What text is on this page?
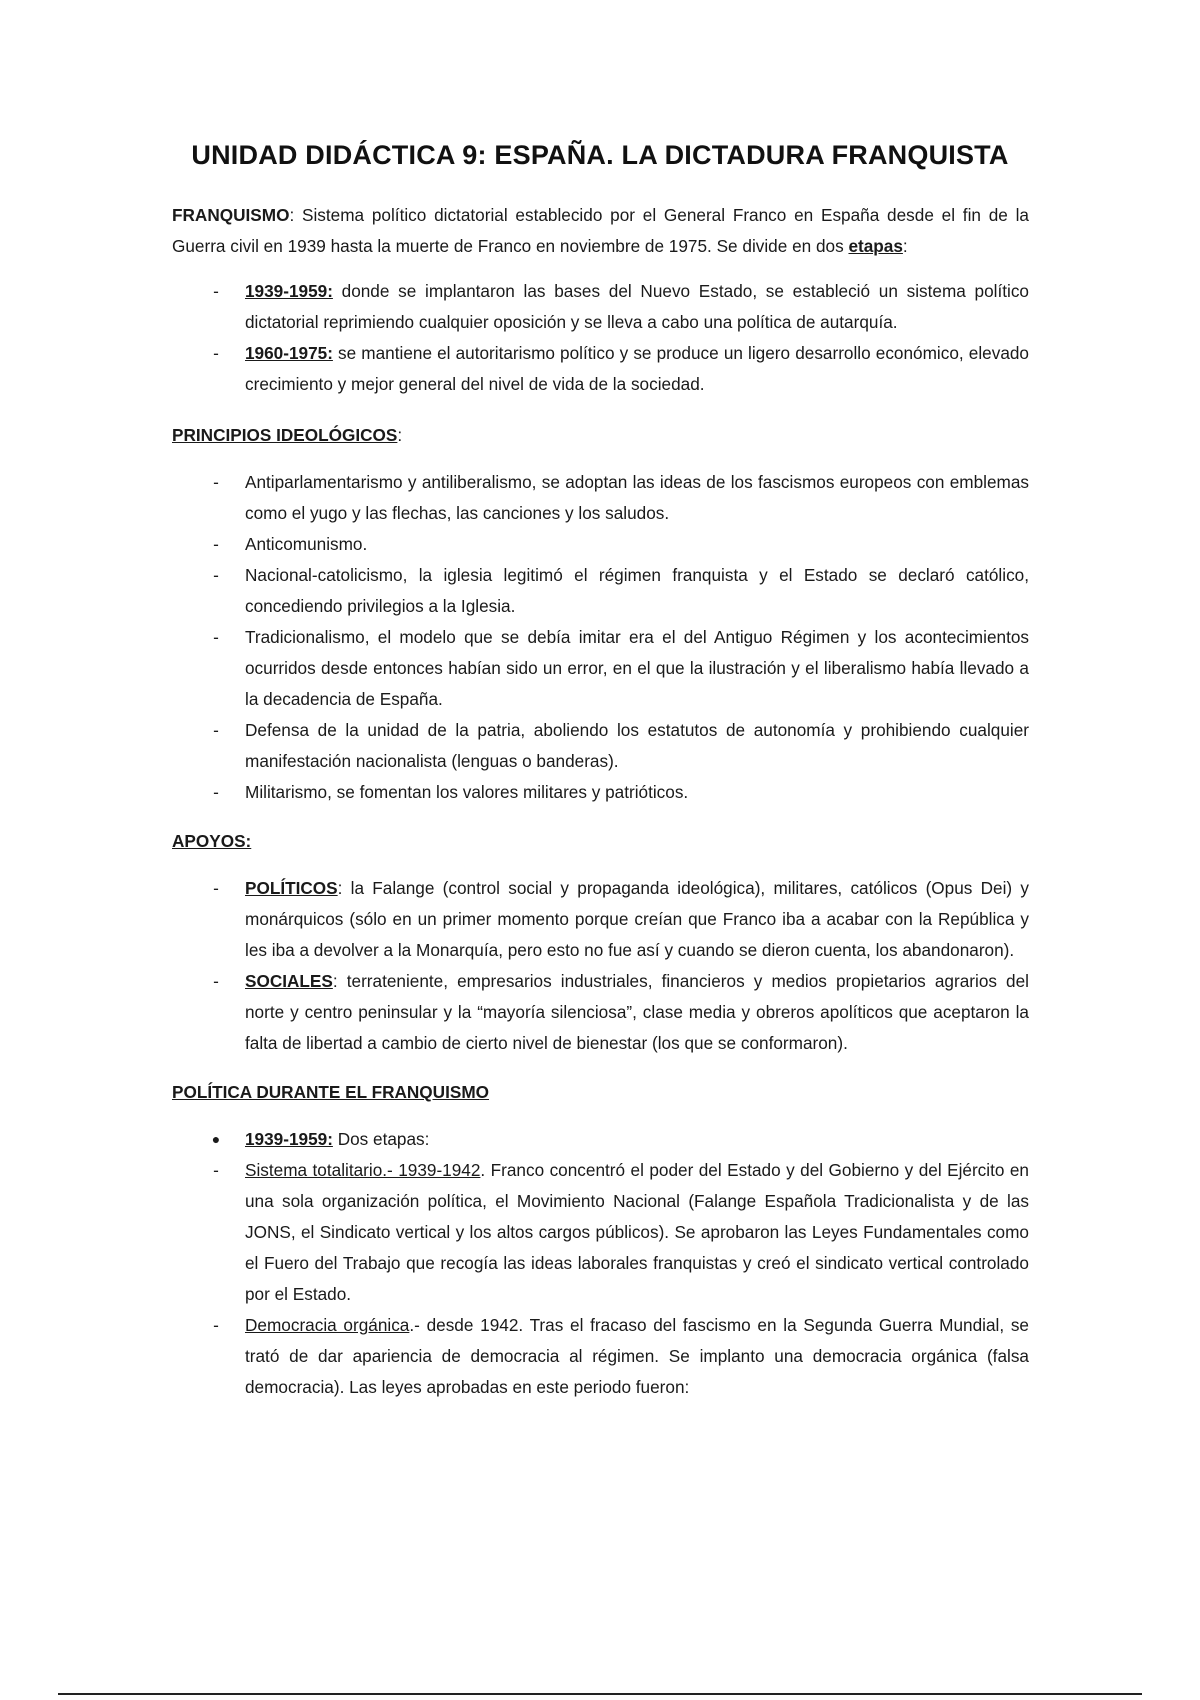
UNIDAD DIDÁCTICA 9: ESPAÑA. LA DICTADURA FRANQUISTA

FRANQUISMO: Sistema político dictatorial establecido por el General Franco en España desde el fin de la Guerra civil en 1939 hasta la muerte de Franco en noviembre de 1975. Se divide en dos etapas:

- 1939-1959: donde se implantaron las bases del Nuevo Estado, se estableció un sistema político dictatorial reprimiendo cualquier oposición y se lleva a cabo una política de autarquía.
- 1960-1975: se mantiene el autoritarismo político y se produce un ligero desarrollo económico, elevado crecimiento y mejor general del nivel de vida de la sociedad.
PRINCIPIOS IDEOLÓGICOS:
- Antiparlamentarismo y antiliberalismo, se adoptan las ideas de los fascismos europeos con emblemas como el yugo y las flechas, las canciones y los saludos.
- Anticomunismo.
- Nacional-catolicismo, la iglesia legitimó el régimen franquista y el Estado se declaró católico, concediendo privilegios a la Iglesia.
- Tradicionalismo, el modelo que se debía imitar era el del Antiguo Régimen y los acontecimientos ocurridos desde entonces habían sido un error, en el que la ilustración y el liberalismo había llevado a la decadencia de España.
- Defensa de la unidad de la patria, aboliendo los estatutos de autonomía y prohibiendo cualquier manifestación nacionalista (lenguas o banderas).
- Militarismo, se fomentan los valores militares y patrióticos.
APOYOS:
- POLÍTICOS: la Falange (control social y propaganda ideológica), militares, católicos (Opus Dei) y monárquicos (sólo en un primer momento porque creían que Franco iba a acabar con la República y les iba a devolver a la Monarquía, pero esto no fue así y cuando se dieron cuenta, los abandonaron).
- SOCIALES: terrateniente, empresarios industriales, financieros y medios propietarios agrarios del norte y centro peninsular y la “mayoría silenciosa”, clase media y obreros apolíticos que aceptaron la falta de libertad a cambio de cierto nivel de bienestar (los que se conformaron).
POLÍTICA DURANTE EL FRANQUISMO
● 1939-1959: Dos etapas:
- Sistema totalitario.- 1939-1942. Franco concentró el poder del Estado y del Gobierno y del Ejército en una sola organización política, el Movimiento Nacional (Falange Española Tradicionalista y de las JONS, el Sindicato vertical y los altos cargos públicos). Se aprobaron las Leyes Fundamentales como el Fuero del Trabajo que recogía las ideas laborales franquistas y creó el sindicato vertical controlado por el Estado.
- Democracia orgánica.- desde 1942. Tras el fracaso del fascismo en la Segunda Guerra Mundial, se trató de dar apariencia de democracia al régimen. Se implanto una democracia orgánica (falsa democracia). Las leyes aprobadas en este periodo fueron:
